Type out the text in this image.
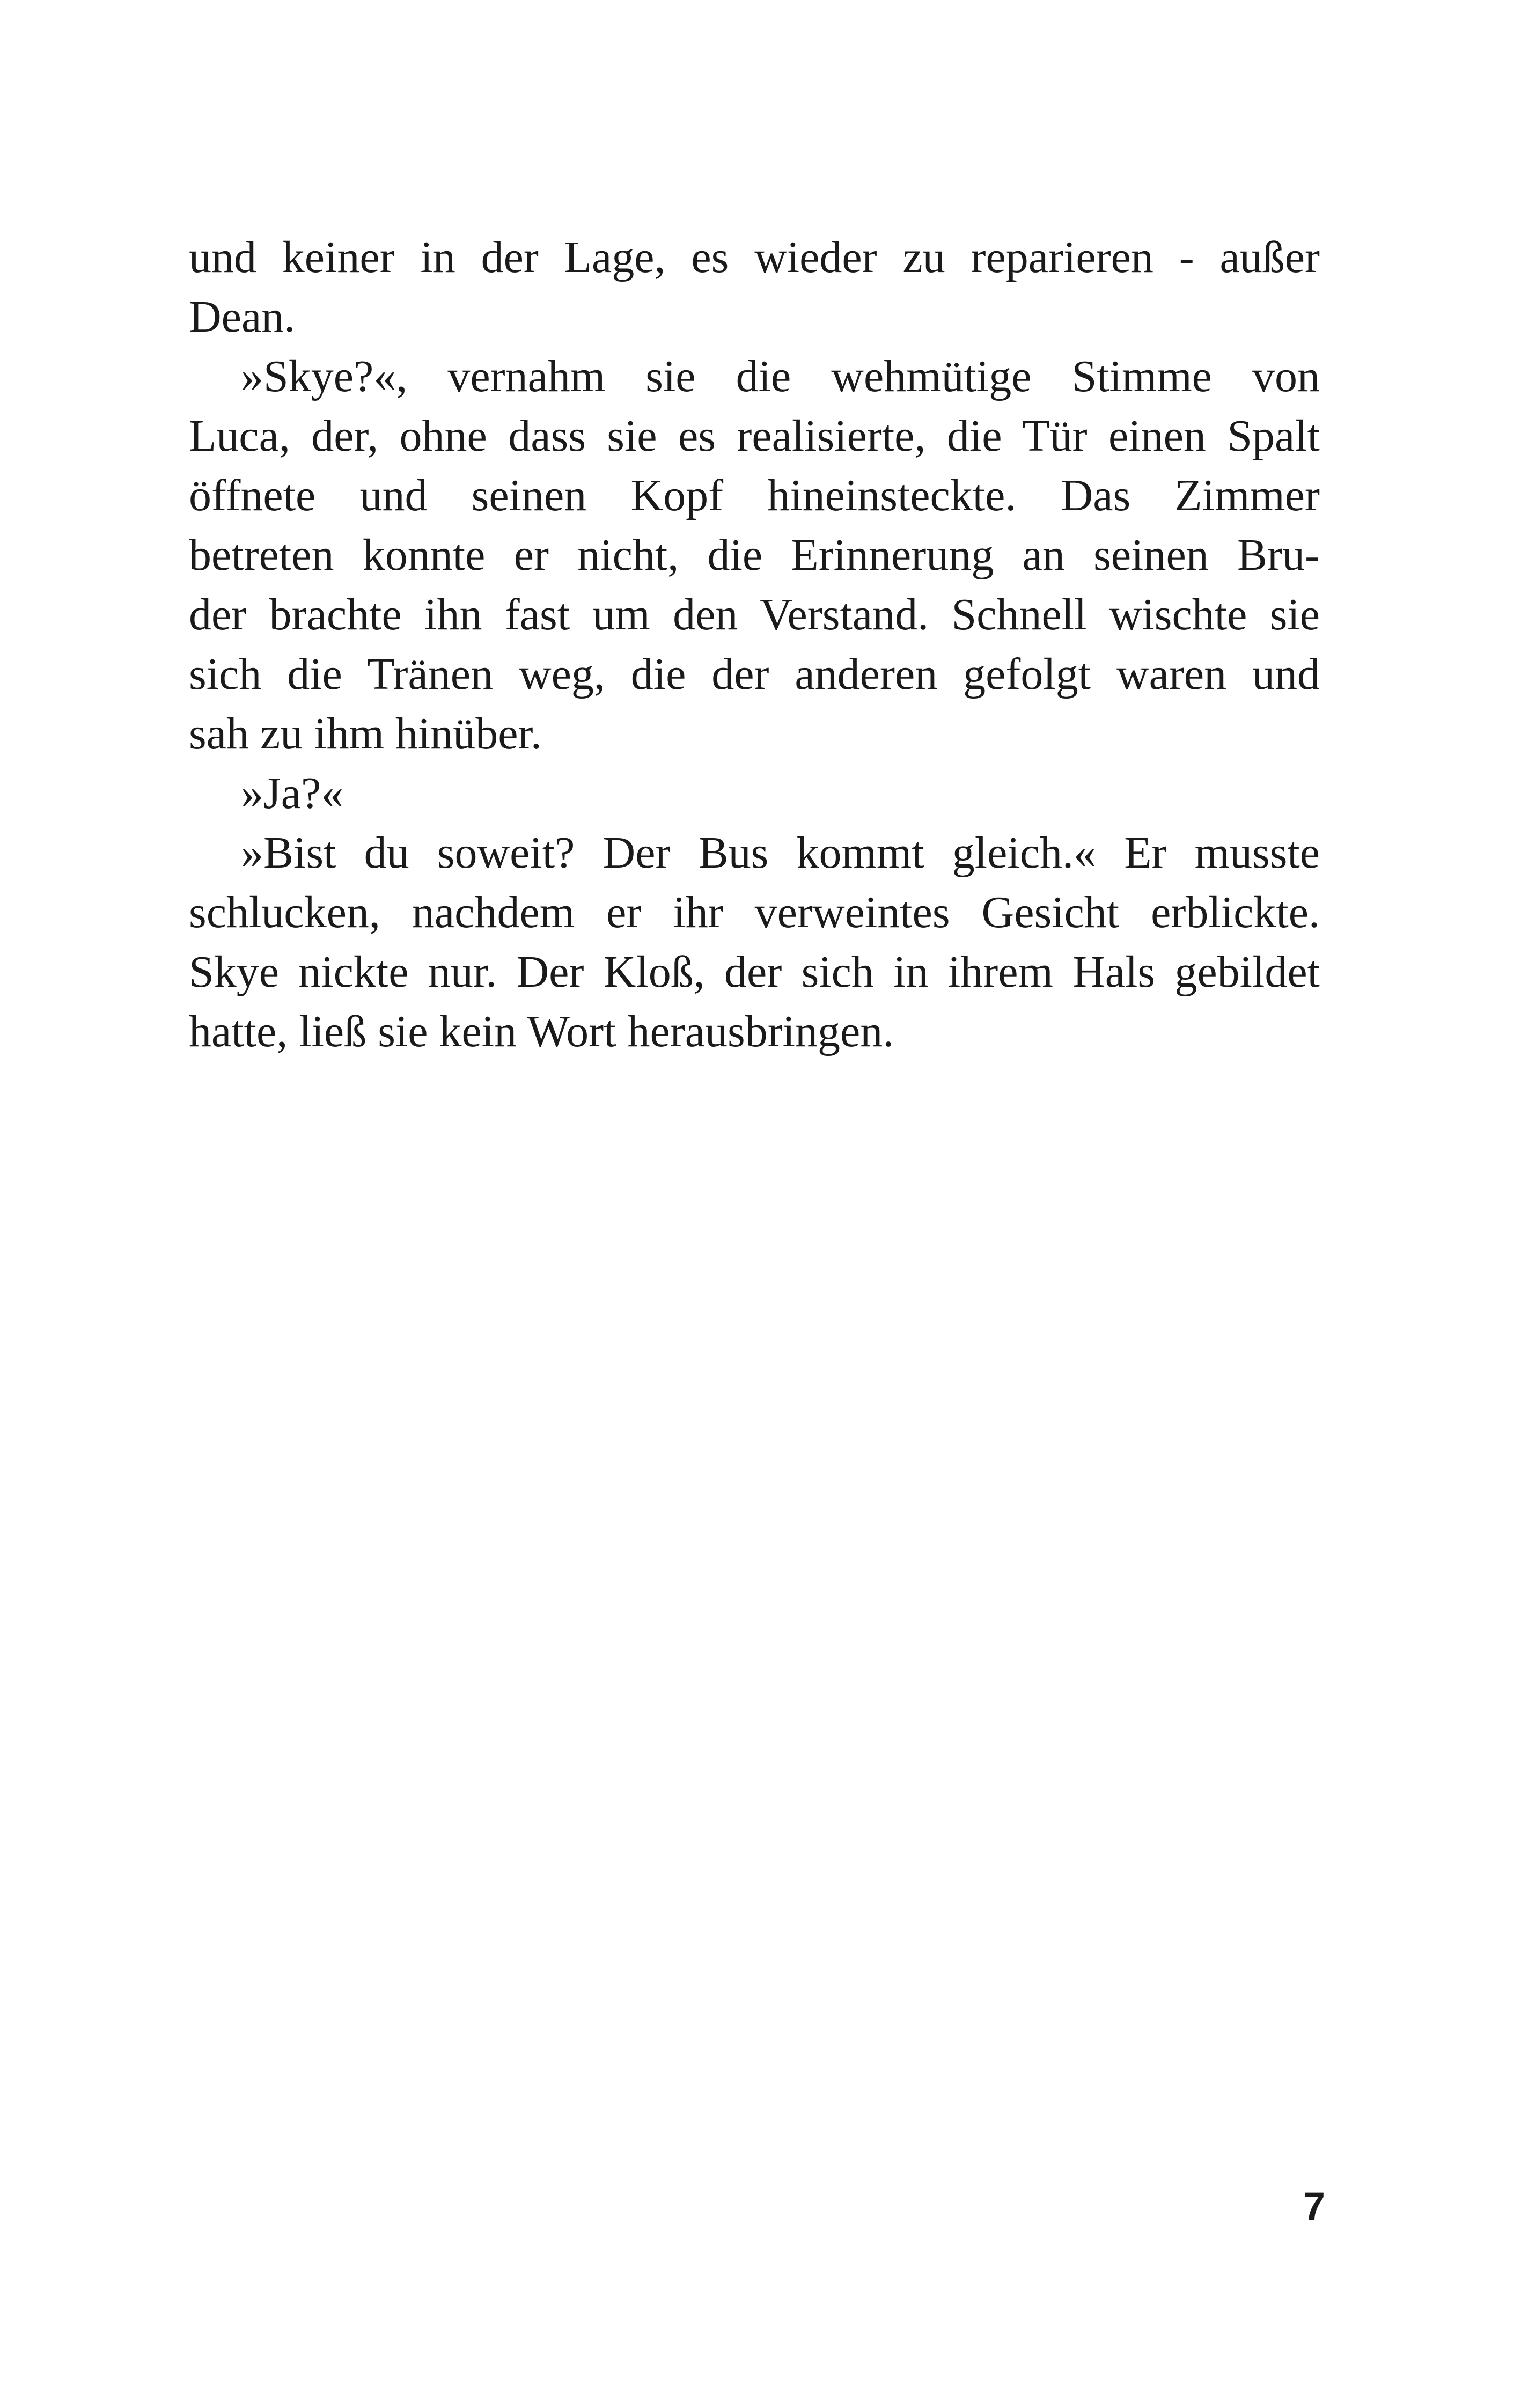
und keiner in der Lage, es wieder zu reparieren - außer
Dean.
»Skye?«, vernahm sie die wehmütige Stimme von
Luca, der, ohne dass sie es realisierte, die Tür einen Spalt
öffnete und seinen Kopf hineinsteckte. Das Zimmer
betreten konnte er nicht, die Erinnerung an seinen Bru-
der brachte ihn fast um den Verstand. Schnell wischte sie
sich die Tränen weg, die der anderen gefolgt waren und
sah zu ihm hinüber.
»Ja?«
»Bist du soweit? Der Bus kommt gleich.« Er musste
schlucken, nachdem er ihr verweintes Gesicht erblickte.
Skye nickte nur. Der Kloß, der sich in ihrem Hals gebildet
hatte, ließ sie kein Wort herausbringen.
7
